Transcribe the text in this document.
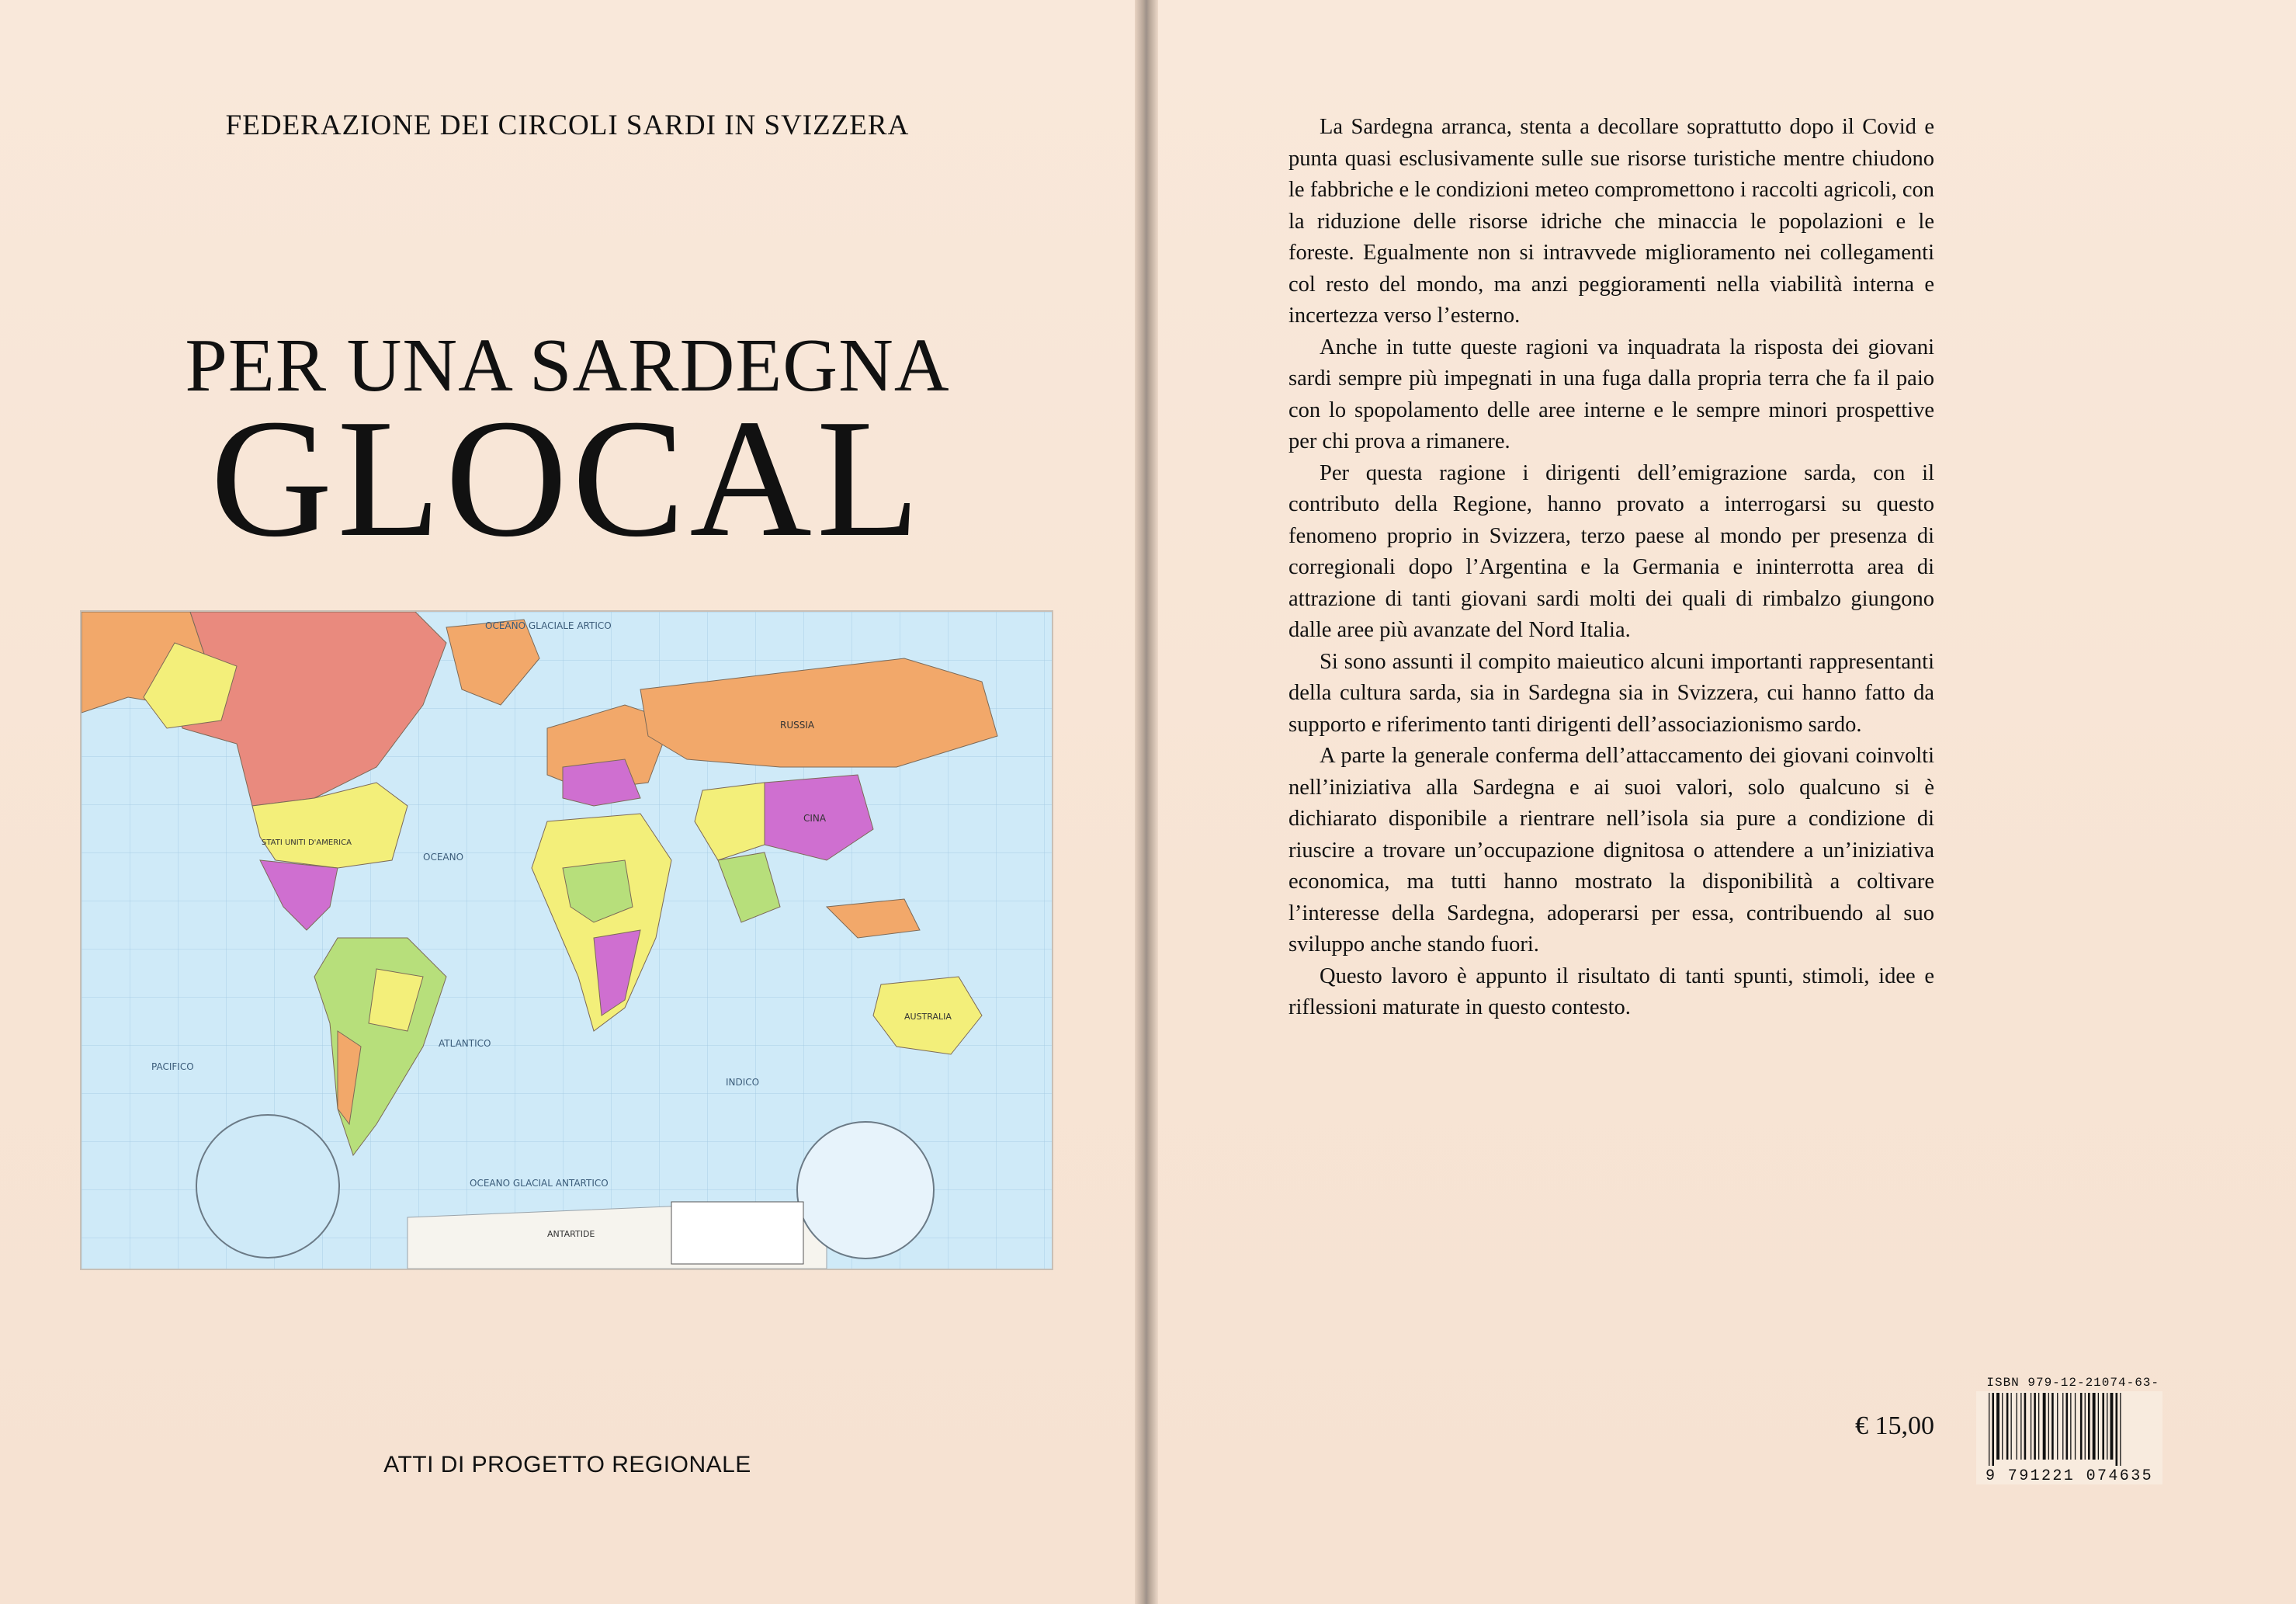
FEDERAZIONE DEI CIRCOLI SARDI IN SVIZZERA
PER UNA SARDEGNA
GLOCAL
OCEANO GLACIALE ARTICO
OCEANO GLACIAL ANTARTICO
ATLANTICO
INDICO
PACIFICO
OCEANO
STATI UNITI D'AMERICA
RUSSIA
CINA
AUSTRALIA
ANTARTIDE
ATTI DI PROGETTO REGIONALE

La Sardegna arranca, stenta a decollare soprattutto dopo il Covid e punta quasi esclusivamente sulle sue risorse turistiche mentre chiudono le fabbriche e le condizioni meteo compromettono i raccolti agricoli, con la riduzione delle risorse idriche che minaccia le popolazioni e le foreste. Egualmente non si intravvede miglioramento nei collegamenti col resto del mondo, ma anzi peggioramenti nella viabilità interna e incertezza verso l’esterno.

Anche in tutte queste ragioni va inquadrata la risposta dei giovani sardi sempre più impegnati in una fuga dalla propria terra che fa il paio con lo spopolamento delle aree interne e le sempre minori prospettive per chi prova a rimanere.

Per questa ragione i dirigenti dell’emigrazione sarda, con il contributo della Regione, hanno provato a interrogarsi su questo fenomeno proprio in Svizzera, terzo paese al mondo per presenza di corregionali dopo l’Argentina e la Germania e ininterrotta area di attrazione di tanti giovani sardi molti dei quali di rimbalzo giungono dalle aree più avanzate del Nord Italia.

Si sono assunti il compito maieutico alcuni importanti rappresentanti della cultura sarda, sia in Sardegna sia in Svizzera, cui hanno fatto da supporto e riferimento tanti dirigenti dell’associazionismo sardo.

A parte la generale conferma dell’attaccamento dei giovani coinvolti nell’iniziativa alla Sardegna e ai suoi valori, solo qualcuno si è dichiarato disponibile a rientrare nell’isola sia pure a condizione di riuscire a trovare un’occupazione dignitosa o attendere a un’iniziativa economica, ma tutti hanno mostrato la disponibilità a coltivare l’interesse della Sardegna, adoperarsi per essa, contribuendo al suo sviluppo anche stando fuori.

Questo lavoro è appunto il risultato di tanti spunti, stimoli, idee e riflessioni maturate in questo contesto.

€ 15,00
ISBN 979-12-21074-63-
9 791221 074635
